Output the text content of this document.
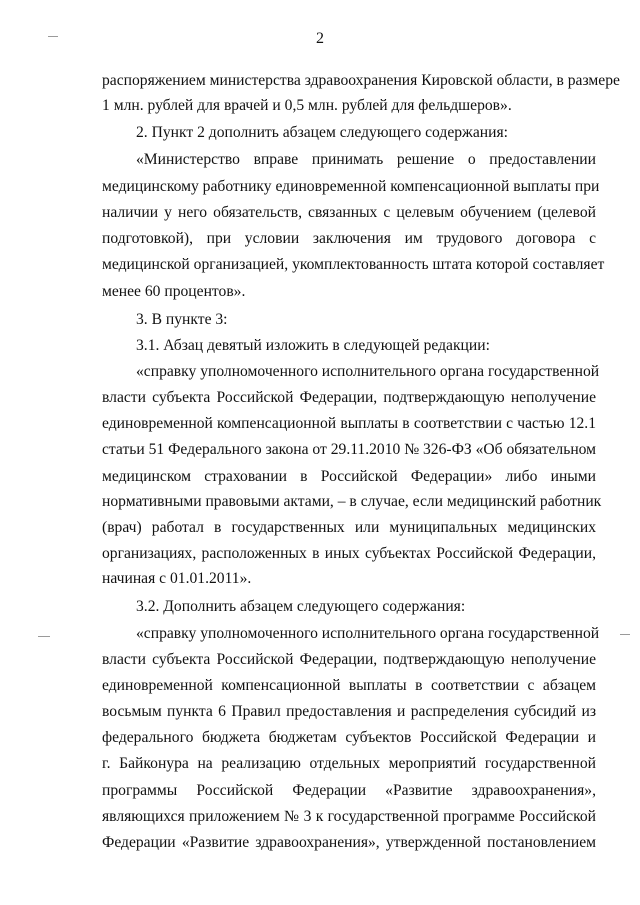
2
распоряжением министерства здравоохранения Кировской области, в размере
1 млн. рублей для врачей и 0,5 млн. рублей для фельдшеров».
2. Пункт 2 дополнить абзацем следующего содержания:
«Министерство вправе принимать решение о предоставлении
медицинскому работнику единовременной компенсационной выплаты при
наличии у него обязательств, связанных с целевым обучением (целевой
подготовкой), при условии заключения им трудового договора с
медицинской организацией, укомплектованность штата которой составляет
менее 60 процентов».
3. В пункте 3:
3.1. Абзац девятый изложить в следующей редакции:
«справку уполномоченного исполнительного органа государственной
власти субъекта Российской Федерации, подтверждающую неполучение
единовременной компенсационной выплаты в соответствии с частью 12.1
статьи 51 Федерального закона от 29.11.2010 № 326-ФЗ «Об обязательном
медицинском страховании в Российской Федерации» либо иными
нормативными правовыми актами, – в случае, если медицинский работник
(врач) работал в государственных или муниципальных медицинских
организациях, расположенных в иных субъектах Российской Федерации,
начиная с 01.01.2011».
3.2. Дополнить абзацем следующего содержания:
«справку уполномоченного исполнительного органа государственной
власти субъекта Российской Федерации, подтверждающую неполучение
единовременной компенсационной выплаты в соответствии с абзацем
восьмым пункта 6 Правил предоставления и распределения субсидий из
федерального бюджета бюджетам субъектов Российской Федерации и
г. Байконура на реализацию отдельных мероприятий государственной
программы Российской Федерации «Развитие здравоохранения»,
являющихся приложением № 3 к государственной программе Российской
Федерации «Развитие здравоохранения», утвержденной постановлением
